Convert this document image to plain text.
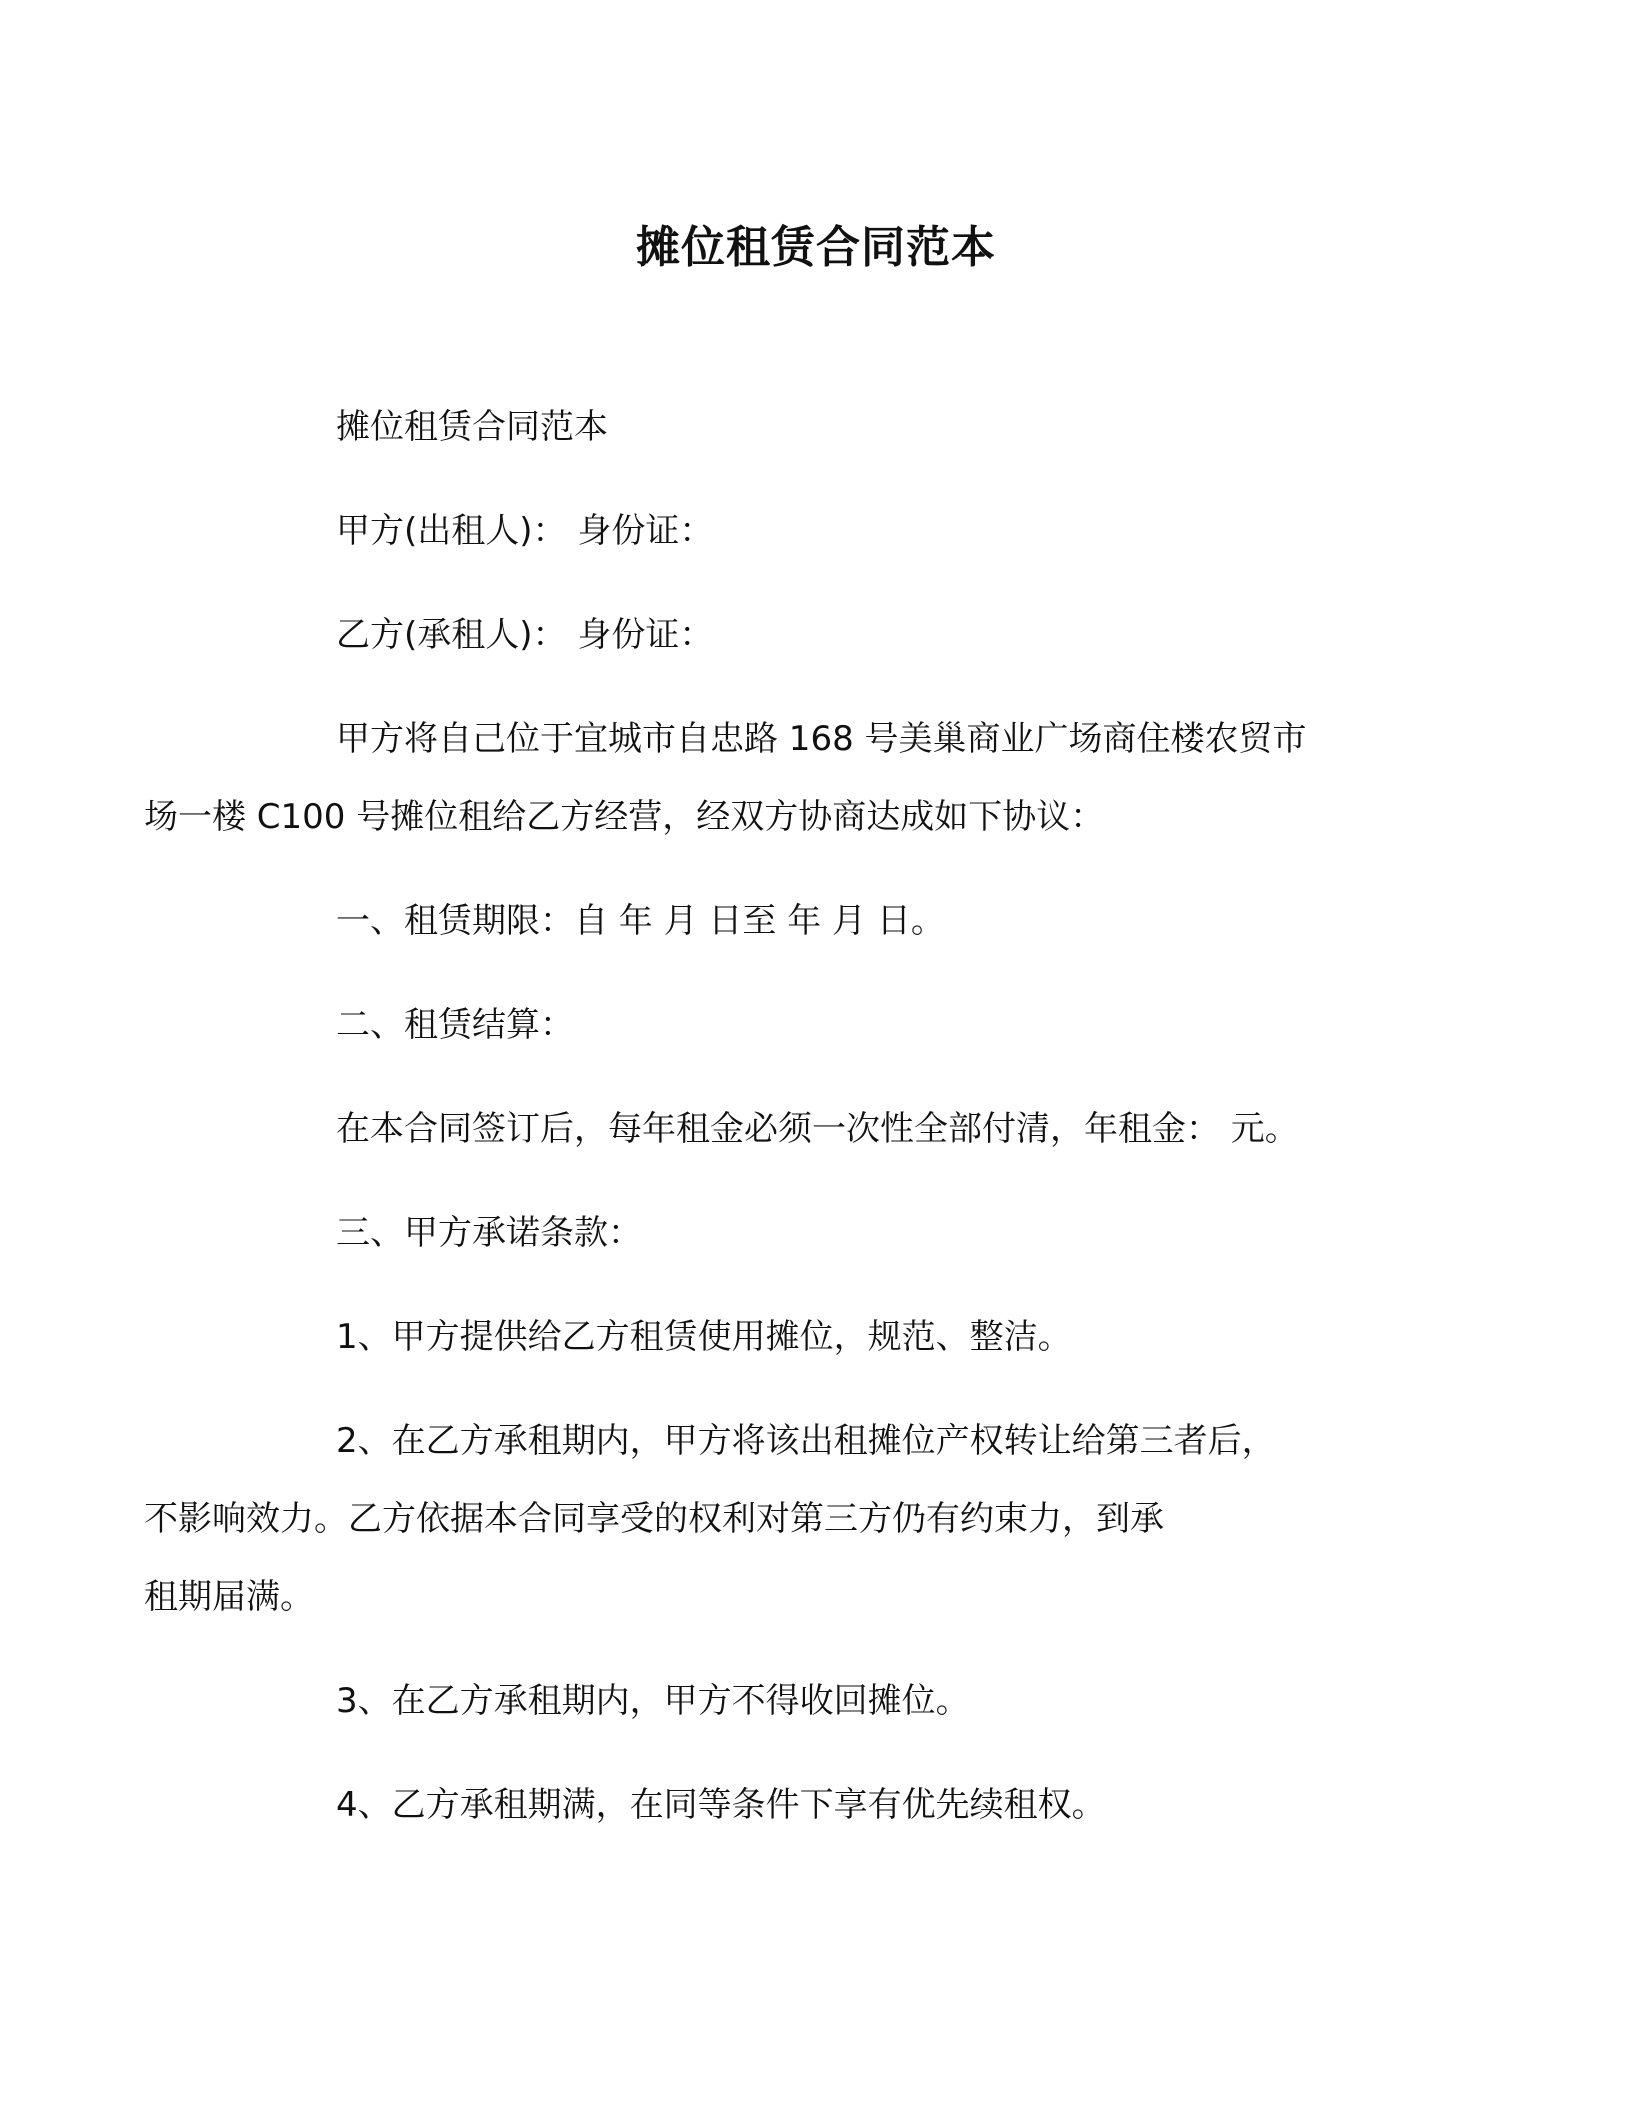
摊位租赁合同范本

摊位租赁合同范本

甲方(出租人)： 身份证：

乙方(承租人)： 身份证：

甲方将自己位于宜城市自忠路 168 号美巢商业广场商住楼农贸市
场一楼 C100 号摊位租给乙方经营，经双方协商达成如下协议：

一、租赁期限：自 年 月 日至 年 月 日。

二、租赁结算：

在本合同签订后，每年租金必须一次性全部付清，年租金： 元。

三、甲方承诺条款：

1、甲方提供给乙方租赁使用摊位，规范、整洁。

2、在乙方承租期内，甲方将该出租摊位产权转让给第三者后，
不影响效力。乙方依据本合同享受的权利对第三方仍有约束力，到承
租期届满。

3、在乙方承租期内，甲方不得收回摊位。

4、乙方承租期满，在同等条件下享有优先续租权。
